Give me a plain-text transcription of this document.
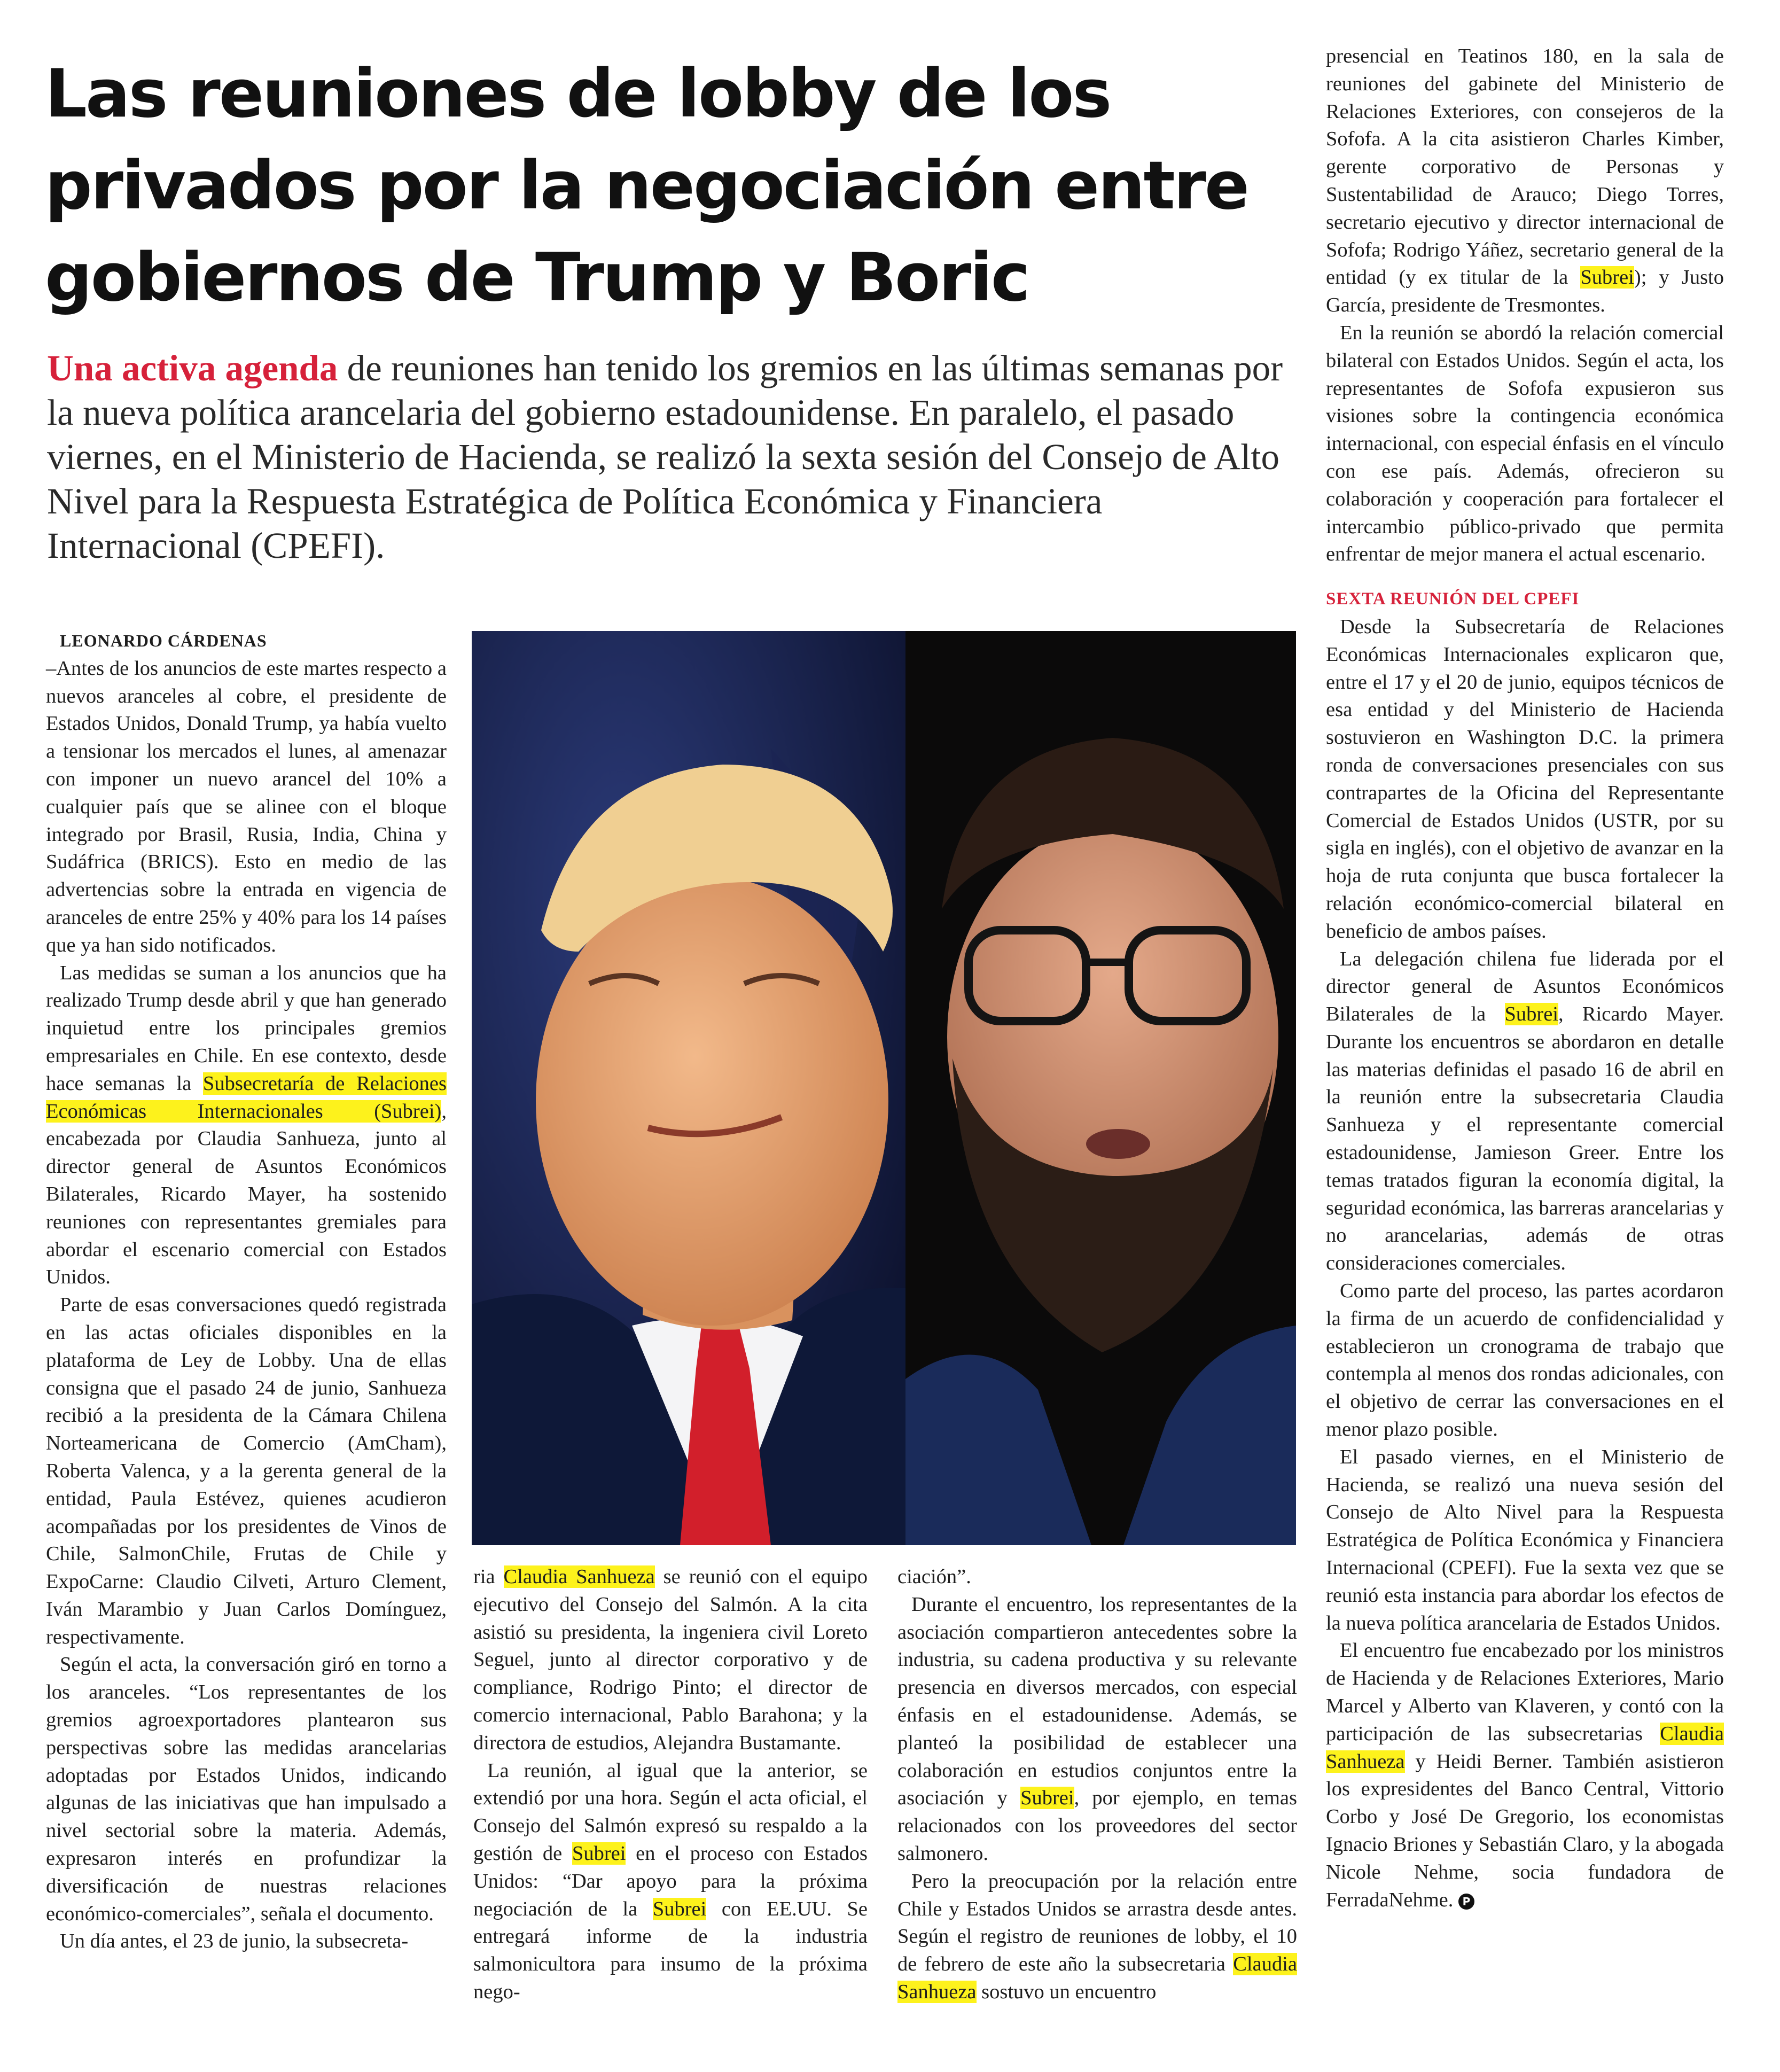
Las reuniones de lobby de los privados por la negociación entre gobiernos de Trump y Boric

Una activa agenda de reuniones han tenido los gremios en las últimas semanas por la nueva política arancelaria del gobierno estadounidense. En paralelo, el pasado viernes, en el Ministerio de Hacienda, se realizó la sexta sesión del Consejo de Alto Nivel para la Respuesta Estratégica de Política Económica y Financiera Internacional (CPEFI).

LEONARDO CÁRDENAS

–Antes de los anuncios de este martes respecto a nuevos aranceles al cobre, el presidente de Estados Unidos, Donald Trump, ya había vuelto a tensionar los mercados el lunes, al amenazar con imponer un nuevo arancel del 10% a cualquier país que se alinee con el bloque integrado por Brasil, Rusia, India, China y Sudáfrica (BRICS). Esto en medio de las advertencias sobre la entrada en vigencia de aranceles de entre 25% y 40% para los 14 países que ya han sido notificados.

Las medidas se suman a los anuncios que ha realizado Trump desde abril y que han generado inquietud entre los principales gremios empresariales en Chile. En ese contexto, desde hace semanas la Subsecretaría de Relaciones Económicas Internacionales (Subrei), encabezada por Claudia Sanhueza, junto al director general de Asuntos Económicos Bilaterales, Ricardo Mayer, ha sostenido reuniones con representantes gremiales para abordar el escenario comercial con Estados Unidos.

Parte de esas conversaciones quedó registrada en las actas oficiales disponibles en la plataforma de Ley de Lobby. Una de ellas consigna que el pasado 24 de junio, Sanhueza recibió a la presidenta de la Cámara Chilena Norteamericana de Comercio (AmCham), Roberta Valenca, y a la gerenta general de la entidad, Paula Estévez, quienes acudieron acompañadas por los presidentes de Vinos de Chile, SalmonChile, Frutas de Chile y ExpoCarne: Claudio Cilveti, Arturo Clement, Iván Marambio y Juan Carlos Domínguez, respectivamente.

Según el acta, la conversación giró en torno a los aranceles. “Los representantes de los gremios agroexportadores plantearon sus perspectivas sobre las medidas arancelarias adoptadas por Estados Unidos, indicando algunas de las iniciativas que han impulsado a nivel sectorial sobre la materia. Además, expresaron interés en profundizar la diversificación de nuestras relaciones económico-comerciales”, señala el documento.

Un día antes, el 23 de junio, la subsecreta-

ria Claudia Sanhueza se reunió con el equipo ejecutivo del Consejo del Salmón. A la cita asistió su presidenta, la ingeniera civil Loreto Seguel, junto al director corporativo y de compliance, Rodrigo Pinto; el director de comercio internacional, Pablo Barahona; y la directora de estudios, Alejandra Bustamante.

La reunión, al igual que la anterior, se extendió por una hora. Según el acta oficial, el Consejo del Salmón expresó su respaldo a la gestión de Subrei en el proceso con Estados Unidos: “Dar apoyo para la próxima negociación de la Subrei con EE.UU. Se entregará informe de la industria salmonicultora para insumo de la próxima nego-

ciación”.

Durante el encuentro, los representantes de la asociación compartieron antecedentes sobre la industria, su cadena productiva y su relevante presencia en diversos mercados, con especial énfasis en el estadounidense. Además, se planteó la posibilidad de establecer una colaboración en estudios conjuntos entre la asociación y Subrei, por ejemplo, en temas relacionados con los proveedores del sector salmonero.

Pero la preocupación por la relación entre Chile y Estados Unidos se arrastra desde antes. Según el registro de reuniones de lobby, el 10 de febrero de este año la subsecretaria Claudia Sanhueza sostuvo un encuentro

presencial en Teatinos 180, en la sala de reuniones del gabinete del Ministerio de Relaciones Exteriores, con consejeros de la Sofofa. A la cita asistieron Charles Kimber, gerente corporativo de Personas y Sustentabilidad de Arauco; Diego Torres, secretario ejecutivo y director internacional de Sofofa; Rodrigo Yáñez, secretario general de la entidad (y ex titular de la Subrei); y Justo García, presidente de Tresmontes.

En la reunión se abordó la relación comercial bilateral con Estados Unidos. Según el acta, los representantes de Sofofa expusieron sus visiones sobre la contingencia económica internacional, con especial énfasis en el vínculo con ese país. Además, ofrecieron su colaboración y cooperación para fortalecer el intercambio público-privado que permita enfrentar de mejor manera el actual escenario.

SEXTA REUNIÓN DEL CPEFI

Desde la Subsecretaría de Relaciones Económicas Internacionales explicaron que, entre el 17 y el 20 de junio, equipos técnicos de esa entidad y del Ministerio de Hacienda sostuvieron en Washington D.C. la primera ronda de conversaciones presenciales con sus contrapartes de la Oficina del Representante Comercial de Estados Unidos (USTR, por su sigla en inglés), con el objetivo de avanzar en la hoja de ruta conjunta que busca fortalecer la relación económico-comercial bilateral en beneficio de ambos países.

La delegación chilena fue liderada por el director general de Asuntos Económicos Bilaterales de la Subrei, Ricardo Mayer. Durante los encuentros se abordaron en detalle las materias definidas el pasado 16 de abril en la reunión entre la subsecretaria Claudia Sanhueza y el representante comercial estadounidense, Jamieson Greer. Entre los temas tratados figuran la economía digital, la seguridad económica, las barreras arancelarias y no arancelarias, además de otras consideraciones comerciales.

Como parte del proceso, las partes acordaron la firma de un acuerdo de confidencialidad y establecieron un cronograma de trabajo que contempla al menos dos rondas adicionales, con el objetivo de cerrar las conversaciones en el menor plazo posible.

El pasado viernes, en el Ministerio de Hacienda, se realizó una nueva sesión del Consejo de Alto Nivel para la Respuesta Estratégica de Política Económica y Financiera Internacional (CPEFI). Fue la sexta vez que se reunió esta instancia para abordar los efectos de la nueva política arancelaria de Estados Unidos.

El encuentro fue encabezado por los ministros de Hacienda y de Relaciones Exteriores, Mario Marcel y Alberto van Klaveren, y contó con la participación de las subsecretarias Claudia Sanhueza y Heidi Berner. También asistieron los expresidentes del Banco Central, Vittorio Corbo y José De Gregorio, los economistas Ignacio Briones y Sebastián Claro, y la abogada Nicole Nehme, socia fundadora de FerradaNehme. P
